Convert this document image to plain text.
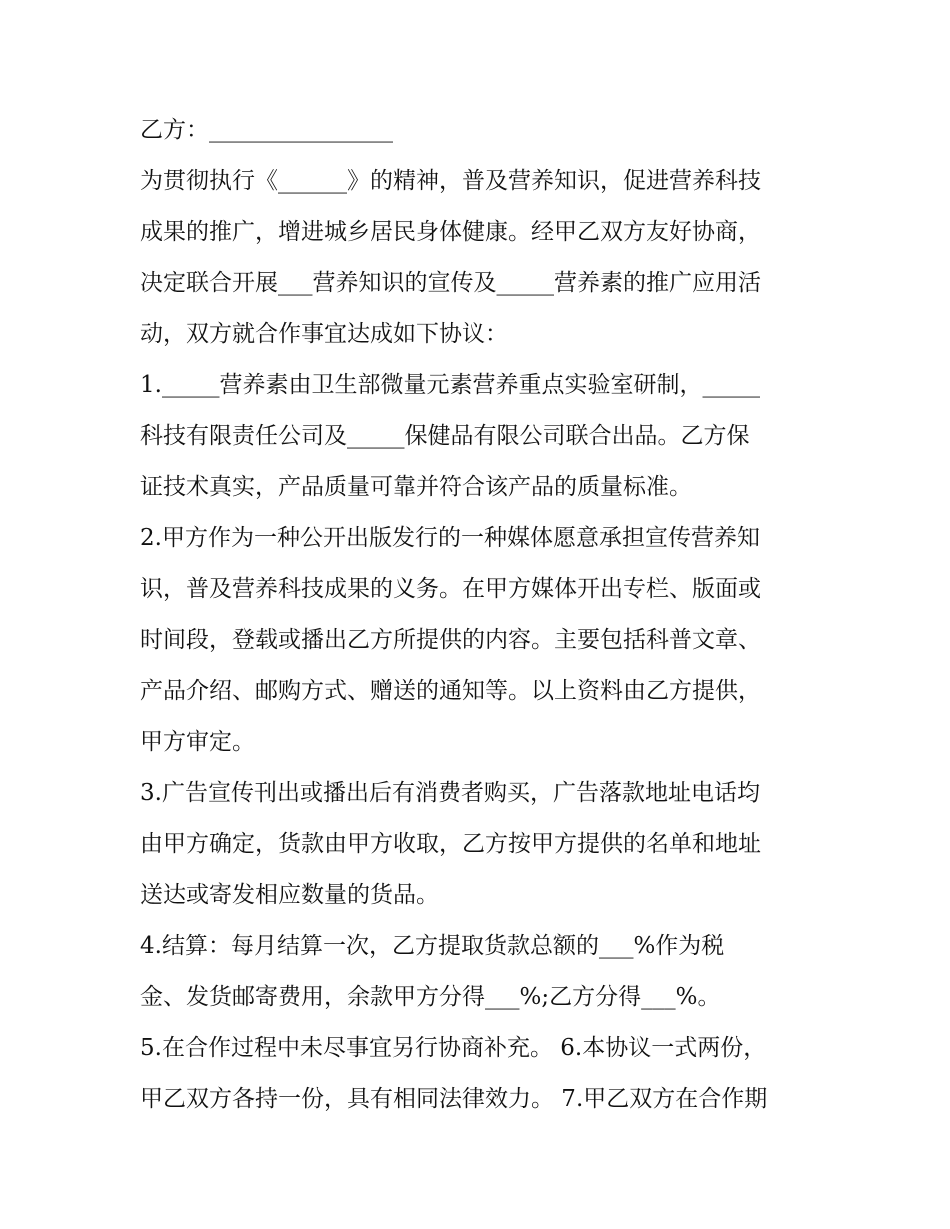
乙方：________________

为贯彻执行《______》的精神，普及营养知识，促进营养科技

成果的推广，增进城乡居民身体健康。经甲乙双方友好协商，

决定联合开展___营养知识的宣传及_____营养素的推广应用活

动，双方就合作事宜达成如下协议：

1._____营养素由卫生部微量元素营养重点实验室研制，_____

科技有限责任公司及_____保健品有限公司联合出品。乙方保

证技术真实，产品质量可靠并符合该产品的质量标准。

2.甲方作为一种公开出版发行的一种媒体愿意承担宣传营养知

识，普及营养科技成果的义务。在甲方媒体开出专栏、版面或

时间段，登载或播出乙方所提供的内容。主要包括科普文章、

产品介绍、邮购方式、赠送的通知等。以上资料由乙方提供，

甲方审定。

3.广告宣传刊出或播出后有消费者购买，广告落款地址电话均

由甲方确定，货款由甲方收取，乙方按甲方提供的名单和地址

送达或寄发相应数量的货品。

4.结算：每月结算一次，乙方提取货款总额的___%作为税

金、发货邮寄费用，余款甲方分得___%;乙方分得___%。

5.在合作过程中未尽事宜另行协商补充。 6.本协议一式两份，

甲乙双方各持一份，具有相同法律效力。 7.甲乙双方在合作期
